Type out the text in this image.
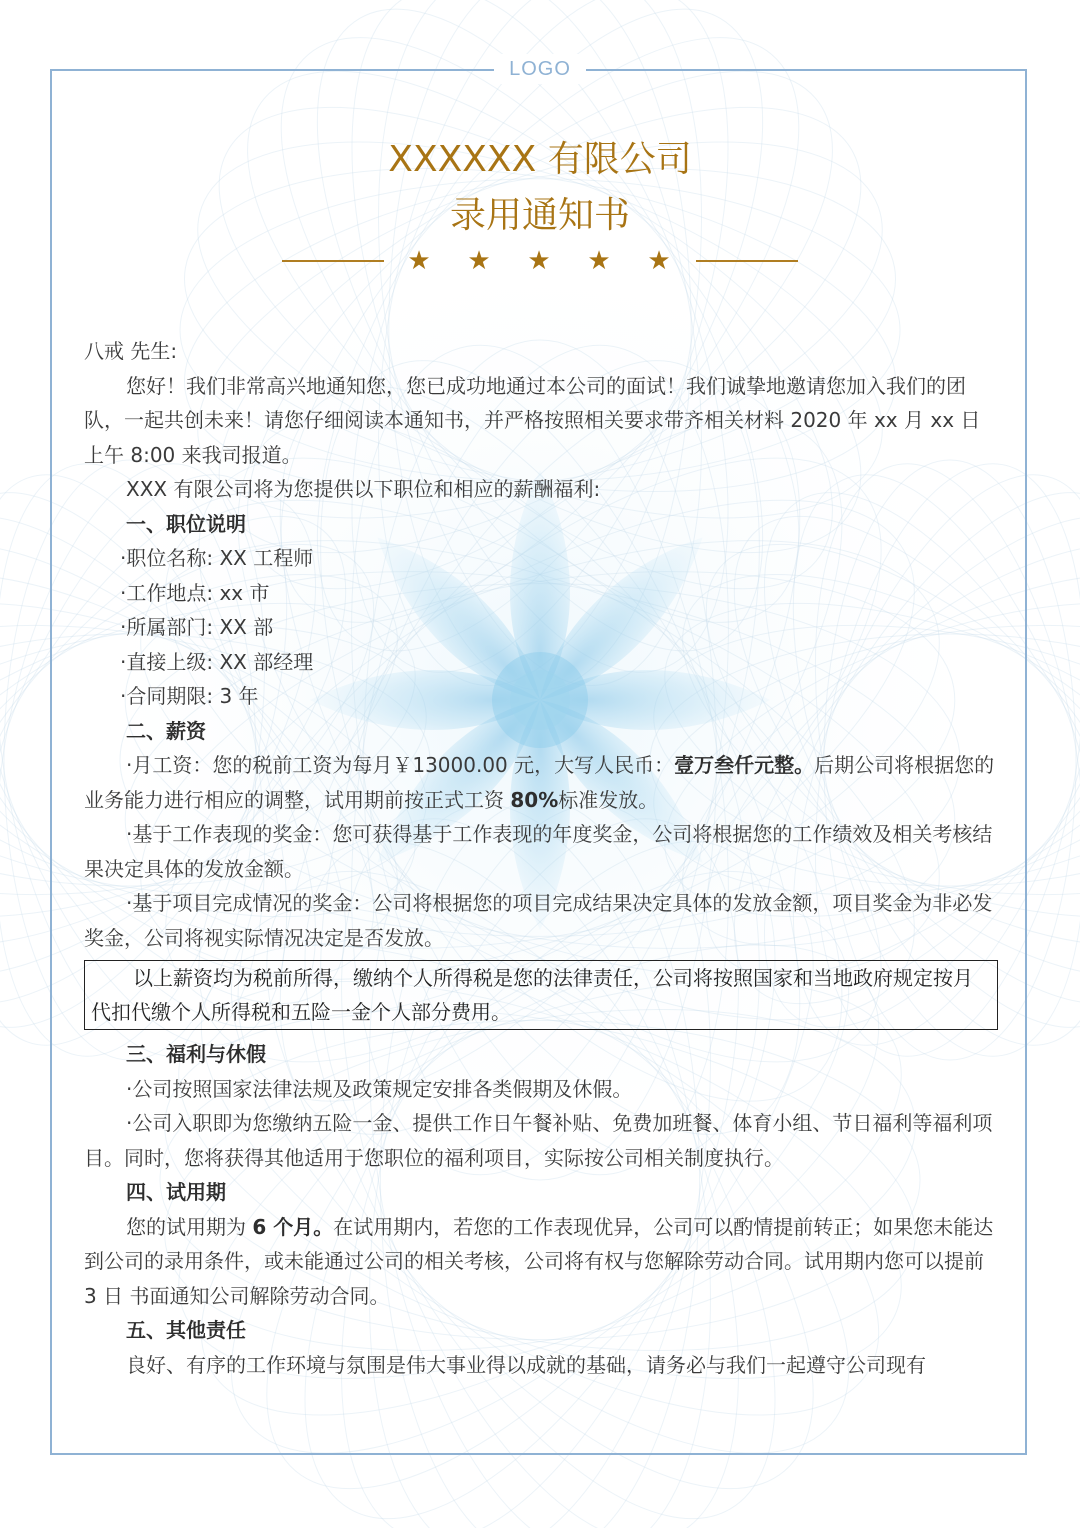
LOGO
XXXXXX 有限公司
录用通知书
★ ★ ★ ★ ★

八戒 先生:

您好！我们非常高兴地通知您，您已成功地通过本公司的面试！我们诚挚地邀请您加入我们的团队，一起共创未来！请您仔细阅读本通知书，并严格按照相关要求带齐相关材料 2020 年 xx 月 xx 日上午 8:00 来我司报道。

XXX 有限公司将为您提供以下职位和相应的薪酬福利:

一、职位说明

·职位名称: XX 工程师

·工作地点: xx 市

·所属部门: XX 部

·直接上级: XX 部经理

·合同期限: 3 年

二、薪资

·月工资：您的税前工资为每月￥13000.00 元，大写人民币：壹万叁仟元整。后期公司将根据您的业务能力进行相应的调整，试用期前按正式工资 80%标准发放。

·基于工作表现的奖金：您可获得基于工作表现的年度奖金，公司将根据您的工作绩效及相关考核结果决定具体的发放金额。

·基于项目完成情况的奖金：公司将根据您的项目完成结果决定具体的发放金额，项目奖金为非必发奖金，公司将视实际情况决定是否发放。

以上薪资均为税前所得，缴纳个人所得税是您的法律责任，公司将按照国家和当地政府规定按月代扣代缴个人所得税和五险一金个人部分费用。

三、福利与休假

·公司按照国家法律法规及政策规定安排各类假期及休假。

·公司入职即为您缴纳五险一金、提供工作日午餐补贴、免费加班餐、体育小组、节日福利等福利项目。同时，您将获得其他适用于您职位的福利项目，实际按公司相关制度执行。

四、试用期

您的试用期为 6 个月。在试用期内，若您的工作表现优异，公司可以酌情提前转正；如果您未能达到公司的录用条件，或未能通过公司的相关考核，公司将有权与您解除劳动合同。试用期内您可以提前 3 日 书面通知公司解除劳动合同。

五、其他责任

良好、有序的工作环境与氛围是伟大事业得以成就的基础，请务必与我们一起遵守公司现有
